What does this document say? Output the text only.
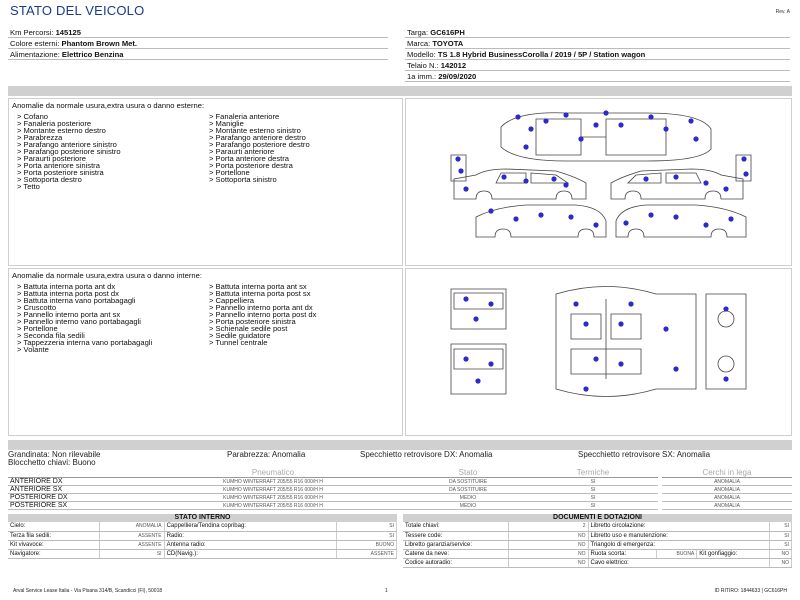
STATO DEL VEICOLO	Rev. A
Km Percorsi: 145125
Colore esterni: Phantom Brown Met.
Alimentazione: Elettrico Benzina
Targa: GC616PH
Marca: TOYOTA
Modello: TS 1.8 Hybrid BusinessCorolla / 2019 / 5P / Station wagon
Telaio N.: 142012
1a imm.: 29/09/2020
Anomalie da normale usura,extra usura o danno esterne:
> Cofano
> Fanaleria posteriore
> Montante esterno destro
> Parabrezza
> Parafango anteriore sinistro
> Parafango posteriore sinistro
> Paraurti posteriore
> Porta anteriore sinistra
> Porta posteriore sinistra
> Sottoporta destro
> Tetto
> Fanaleria anteriore
> Maniglie
> Montante esterno sinistro
> Parafango anteriore destro
> Parafango posteriore destro
> Paraurti anteriore
> Porta anteriore destra
> Porta posteriore destra
> Portellone
> Sottoporta sinistro
Anomalie da normale usura,extra usura o danno interne:
> Battuta interna porta ant dx
> Battuta interna porta post dx
> Battuta interna vano portabagagli
> Cruscotto
> Pannello interno porta ant sx
> Pannello interno vano portabagagli
> Portellone
> Seconda fila sedili
> Tappezzeria interna vano portabagagli
> Volante
> Battuta interna porta ant sx
> Battuta interna porta post sx
> Cappelliera
> Pannello interno porta ant dx
> Pannello interno porta post dx
> Porta posteriore sinistra
> Schienale sedile post
> Sedile guidatore
> Tunnel centrale
Grandinata: Non rilevabile
Blocchetto chiavi: Buono
Parabrezza: Anomalia	Specchietto retrovisore DX: Anomalia	Specchietto retrovisore SX: Anomalia
	Pneumatico	Stato	Termiche		Cerchi in lega
ANTERIORE DX	KUMHO WINTERRAFT 205/55 R16 000/H H	DA SOSTITUIRE	SI		ANOMALIA
ANTERIORE SX	KUMHO WINTERRAFT 205/55 R16 000/H H	DA SOSTITUIRE	SI		ANOMALIA
POSTERIORE DX	KUMHO WINTERRAFT 205/55 R16 000/H H	MEDIO	SI		ANOMALIA
POSTERIORE SX	KUMHO WINTERRAFT 205/55 R16 000/H H	MEDIO	SI		ANOMALIA
STATO INTERNO
Cielo:	ANOMALIA	Cappelliera/Tendina copribag:	SI
Terza fila sedili:	ASSENTE	Radio:	SI
Kit vivavoce:	ASSENTE	Antenna radio:	BUONO
Navigatore:	SI	CD(Navig.):	ASSENTE
DOCUMENTI E DOTAZIONI
Totale chiavi:	2	Libretto circolazione:			SI
Tessere code:	NO	Libretto uso e manutenzione:			SI
Libretto garanzia/service:	NO	Triangolo di emergenza:			SI
Catene da neve:	NO	Ruota scorta:	BUONA	Kit gonfiaggio:	NO
Codice autoradio:	NO	Cavo elettrico:			NO
Arval Service Lease Italia - Via Pisana 314/B, Scandicci (FI), 50018	1	ID RITIRO: 1844633 | GC616PH
